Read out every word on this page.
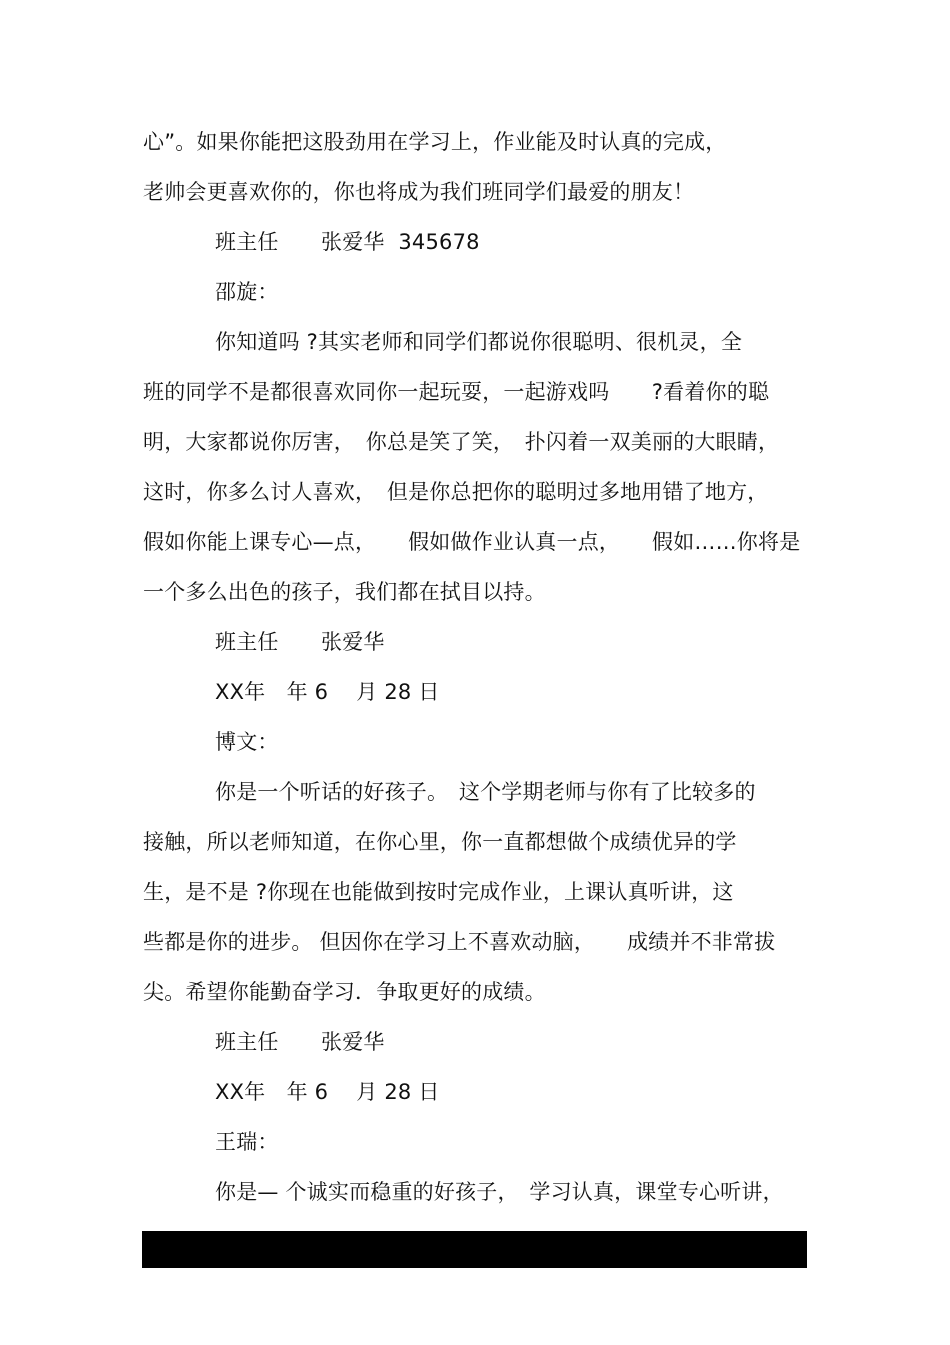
心”。如果你能把这股劲用在学习上，作业能及时认真的完成，
老帅会更喜欢你的，你也将成为我们班同学们最爱的朋友！
班主任　　张爱华  345678
邵旋：
你知道吗 ?其实老师和同学们都说你很聪明、很机灵，全
班的同学不是都很喜欢同你一起玩耍，一起游戏吗　　?看着你的聪
明，大家都说你厉害，　你总是笑了笑，　扑闪着一双美丽的大眼睛，
这时，你多么讨人喜欢，　但是你总把你的聪明过多地用错了地方，
假如你能上课专心—点，　　假如做作业认真一点，　　假如……你将是
一个多么出色的孩子，我们都在拭目以持。
班主任　　张爱华
XX年　年 6　 月 28 日
博文：
你是一个听话的好孩子。　这个学期老师与你有了比较多的
接触，所以老师知道，在你心里，你一直都想做个成绩优异的学
生，是不是 ?你现在也能做到按时完成作业，上课认真听讲，这
些都是你的进步。 但因你在学习上不喜欢动脑，　　成绩并不非常拔
尖。希望你能勤奋学习．争取更好的成绩。
班主任　　张爱华
XX年　年 6　 月 28 日
王瑞：
你是— 个诚实而稳重的好孩子，　学习认真，课堂专心听讲，
